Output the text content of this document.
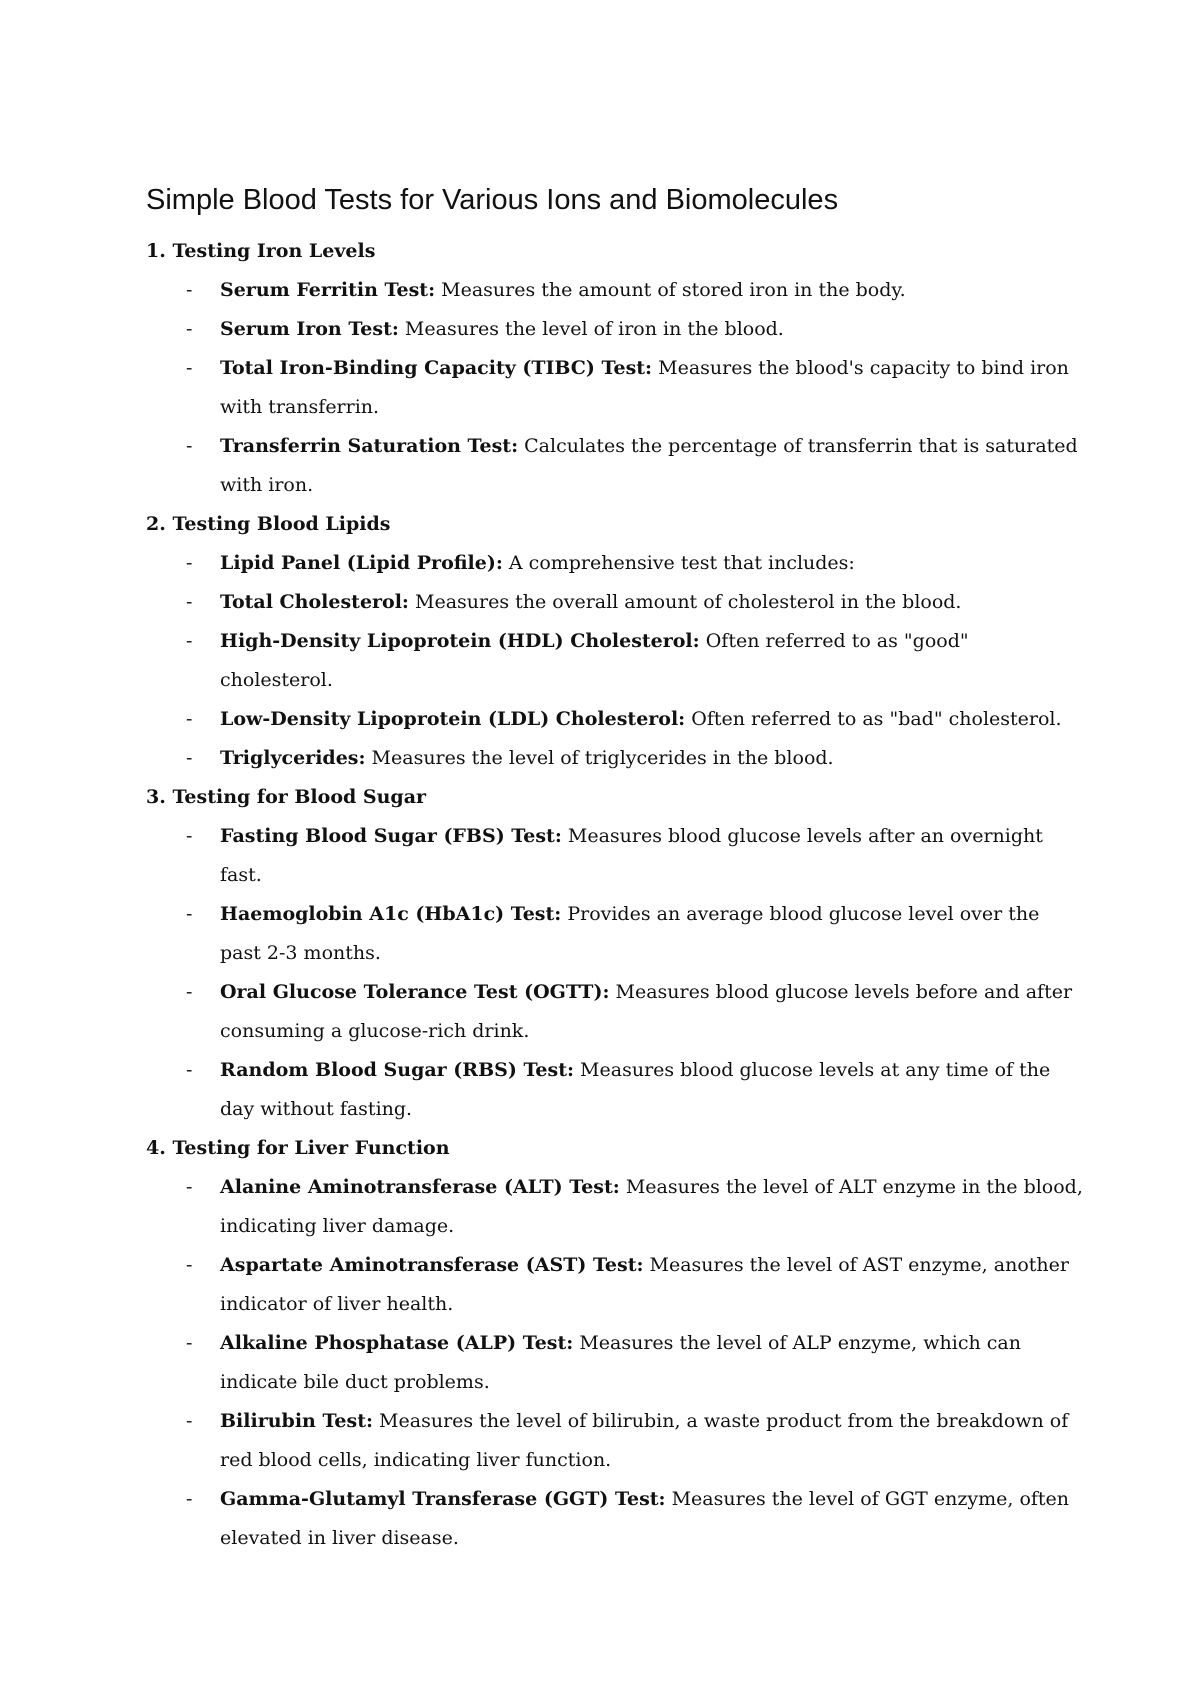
Simple Blood Tests for Various Ions and Biomolecules

1. Testing Iron Levels

- Serum Ferritin Test: Measures the amount of stored iron in the body.
- Serum Iron Test: Measures the level of iron in the blood.
- Total Iron-Binding Capacity (TIBC) Test: Measures the blood's capacity to bind iron with transferrin.
- Transferrin Saturation Test: Calculates the percentage of transferrin that is saturated with iron.

2. Testing Blood Lipids

- Lipid Panel (Lipid Profile): A comprehensive test that includes:
- Total Cholesterol: Measures the overall amount of cholesterol in the blood.
- High-Density Lipoprotein (HDL) Cholesterol: Often referred to as "good" cholesterol.
- Low-Density Lipoprotein (LDL) Cholesterol: Often referred to as "bad" cholesterol.
- Triglycerides: Measures the level of triglycerides in the blood.

3. Testing for Blood Sugar

- Fasting Blood Sugar (FBS) Test: Measures blood glucose levels after an overnight fast.
- Haemoglobin A1c (HbA1c) Test: Provides an average blood glucose level over the past 2-3 months.
- Oral Glucose Tolerance Test (OGTT): Measures blood glucose levels before and after consuming a glucose-rich drink.
- Random Blood Sugar (RBS) Test: Measures blood glucose levels at any time of the day without fasting.

4. Testing for Liver Function

- Alanine Aminotransferase (ALT) Test: Measures the level of ALT enzyme in the blood, indicating liver damage.
- Aspartate Aminotransferase (AST) Test: Measures the level of AST enzyme, another indicator of liver health.
- Alkaline Phosphatase (ALP) Test: Measures the level of ALP enzyme, which can indicate bile duct problems.
- Bilirubin Test: Measures the level of bilirubin, a waste product from the breakdown of red blood cells, indicating liver function.
- Gamma-Glutamyl Transferase (GGT) Test: Measures the level of GGT enzyme, often elevated in liver disease.
